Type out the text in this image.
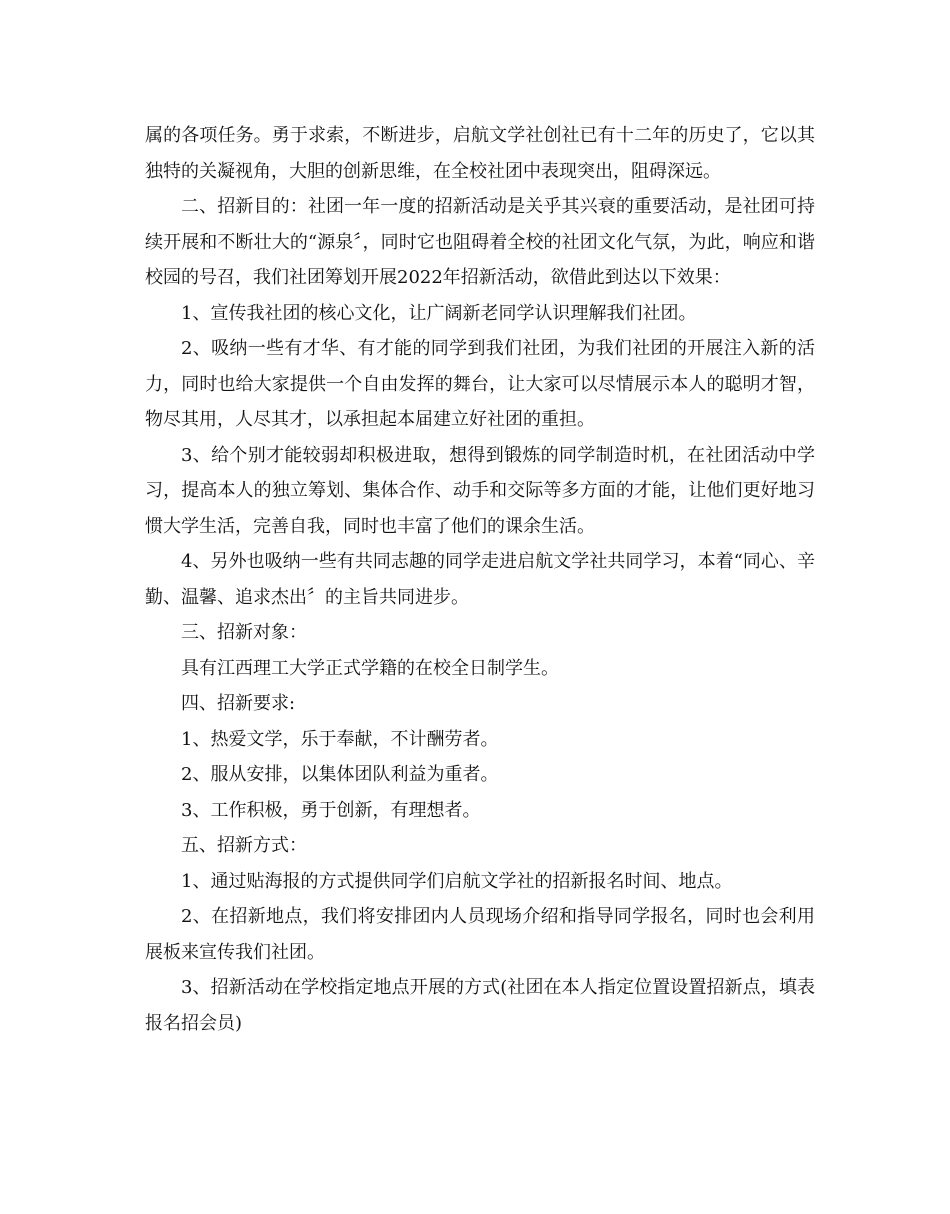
属的各项任务。勇于求索，不断进步，启航文学社创社已有十二年的历史了，它以其独特的关凝视角，大胆的创新思维，在全校社团中表现突出，阻碍深远。

二、招新目的：社团一年一度的招新活动是关乎其兴衰的重要活动，是社团可持续开展和不断壮大的“源泉〞，同时它也阻碍着全校的社团文化气氛，为此，响应和谐校园的号召，我们社团筹划开展2022年招新活动，欲借此到达以下效果：

1、宣传我社团的核心文化，让广阔新老同学认识理解我们社团。

2、吸纳一些有才华、有才能的同学到我们社团，为我们社团的开展注入新的活力，同时也给大家提供一个自由发挥的舞台，让大家可以尽情展示本人的聪明才智，物尽其用，人尽其才，以承担起本届建立好社团的重担。

3、给个别才能较弱却积极进取，想得到锻炼的同学制造时机，在社团活动中学习，提高本人的独立筹划、集体合作、动手和交际等多方面的才能，让他们更好地习惯大学生活，完善自我，同时也丰富了他们的课余生活。

4、另外也吸纳一些有共同志趣的同学走进启航文学社共同学习，本着“同心、辛勤、温馨、追求杰出〞的主旨共同进步。

三、招新对象：

具有江西理工大学正式学籍的在校全日制学生。

四、招新要求:

1、热爱文学，乐于奉献，不计酬劳者。

2、服从安排，以集体团队利益为重者。

3、工作积极，勇于创新，有理想者。

五、招新方式：

1、通过贴海报的方式提供同学们启航文学社的招新报名时间、地点。

2、在招新地点，我们将安排团内人员现场介绍和指导同学报名，同时也会利用展板来宣传我们社团。

3、招新活动在学校指定地点开展的方式(社团在本人指定位置设置招新点，填表报名招会员)
